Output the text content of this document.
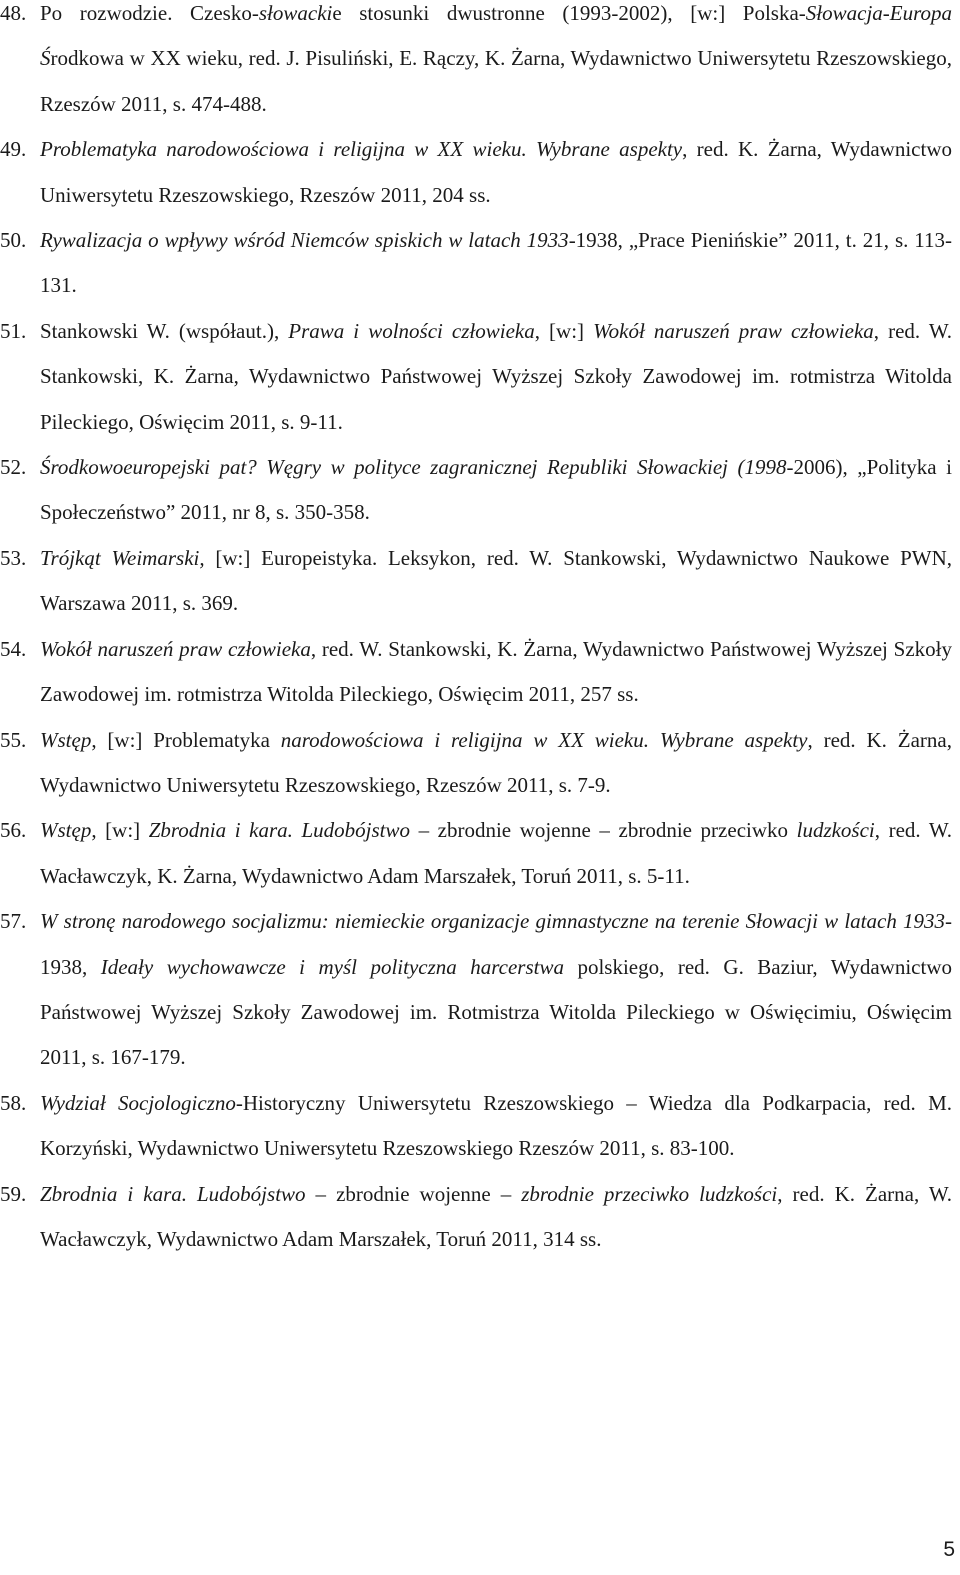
48. Po rozwodzie. Czesko-słowackie stosunki dwustronne (1993-2002), [w:] Polska-Słowacja-Europa Środkowa w XX wieku, red. J. Pisuliński, E. Rączy, K. Żarna, Wydawnictwo Uniwersytetu Rzeszowskiego, Rzeszów 2011, s. 474-488.
49. Problematyka narodowościowa i religijna w XX wieku. Wybrane aspekty, red. K. Żarna, Wydawnictwo Uniwersytetu Rzeszowskiego, Rzeszów 2011, 204 ss.
50. Rywalizacja o wpływy wśród Niemców spiskich w latach 1933-1938, „Prace Pienińskie” 2011, t. 21, s. 113-131.
51. Stankowski W. (współaut.), Prawa i wolności człowieka, [w:] Wokół naruszeń praw człowieka, red. W. Stankowski, K. Żarna, Wydawnictwo Państwowej Wyższej Szkoły Zawodowej im. rotmistrza Witolda Pileckiego, Oświęcim 2011, s. 9-11.
52. Środkowoeuropejski pat? Węgry w polityce zagranicznej Republiki Słowackiej (1998-2006), „Polityka i Społeczeństwo” 2011, nr 8, s. 350-358.
53. Trójkąt Weimarski, [w:] Europeistyka. Leksykon, red. W. Stankowski, Wydawnictwo Naukowe PWN, Warszawa 2011, s. 369.
54. Wokół naruszeń praw człowieka, red. W. Stankowski, K. Żarna, Wydawnictwo Państwowej Wyższej Szkoły Zawodowej im. rotmistrza Witolda Pileckiego, Oświęcim 2011, 257 ss.
55. Wstęp, [w:] Problematyka narodowościowa i religijna w XX wieku. Wybrane aspekty, red. K. Żarna, Wydawnictwo Uniwersytetu Rzeszowskiego, Rzeszów 2011, s. 7-9.
56. Wstęp, [w:] Zbrodnia i kara. Ludobójstwo – zbrodnie wojenne – zbrodnie przeciwko ludzkości, red. W. Wacławczyk, K. Żarna, Wydawnictwo Adam Marszałek, Toruń 2011, s. 5-11.
57. W stronę narodowego socjalizmu: niemieckie organizacje gimnastyczne na terenie Słowacji w latach 1933-1938, Ideały wychowawcze i myśl polityczna harcerstwa polskiego, red. G. Baziur, Wydawnictwo Państwowej Wyższej Szkoły Zawodowej im. Rotmistrza Witolda Pileckiego w Oświęcimiu, Oświęcim 2011, s. 167-179.
58. Wydział Socjologiczno-Historyczny Uniwersytetu Rzeszowskiego – Wiedza dla Podkarpacia, red. M. Korzyński, Wydawnictwo Uniwersytetu Rzeszowskiego Rzeszów 2011, s. 83-100.
59. Zbrodnia i kara. Ludobójstwo – zbrodnie wojenne – zbrodnie przeciwko ludzkości, red. K. Żarna, W. Wacławczyk, Wydawnictwo Adam Marszałek, Toruń 2011, 314 ss.
5
